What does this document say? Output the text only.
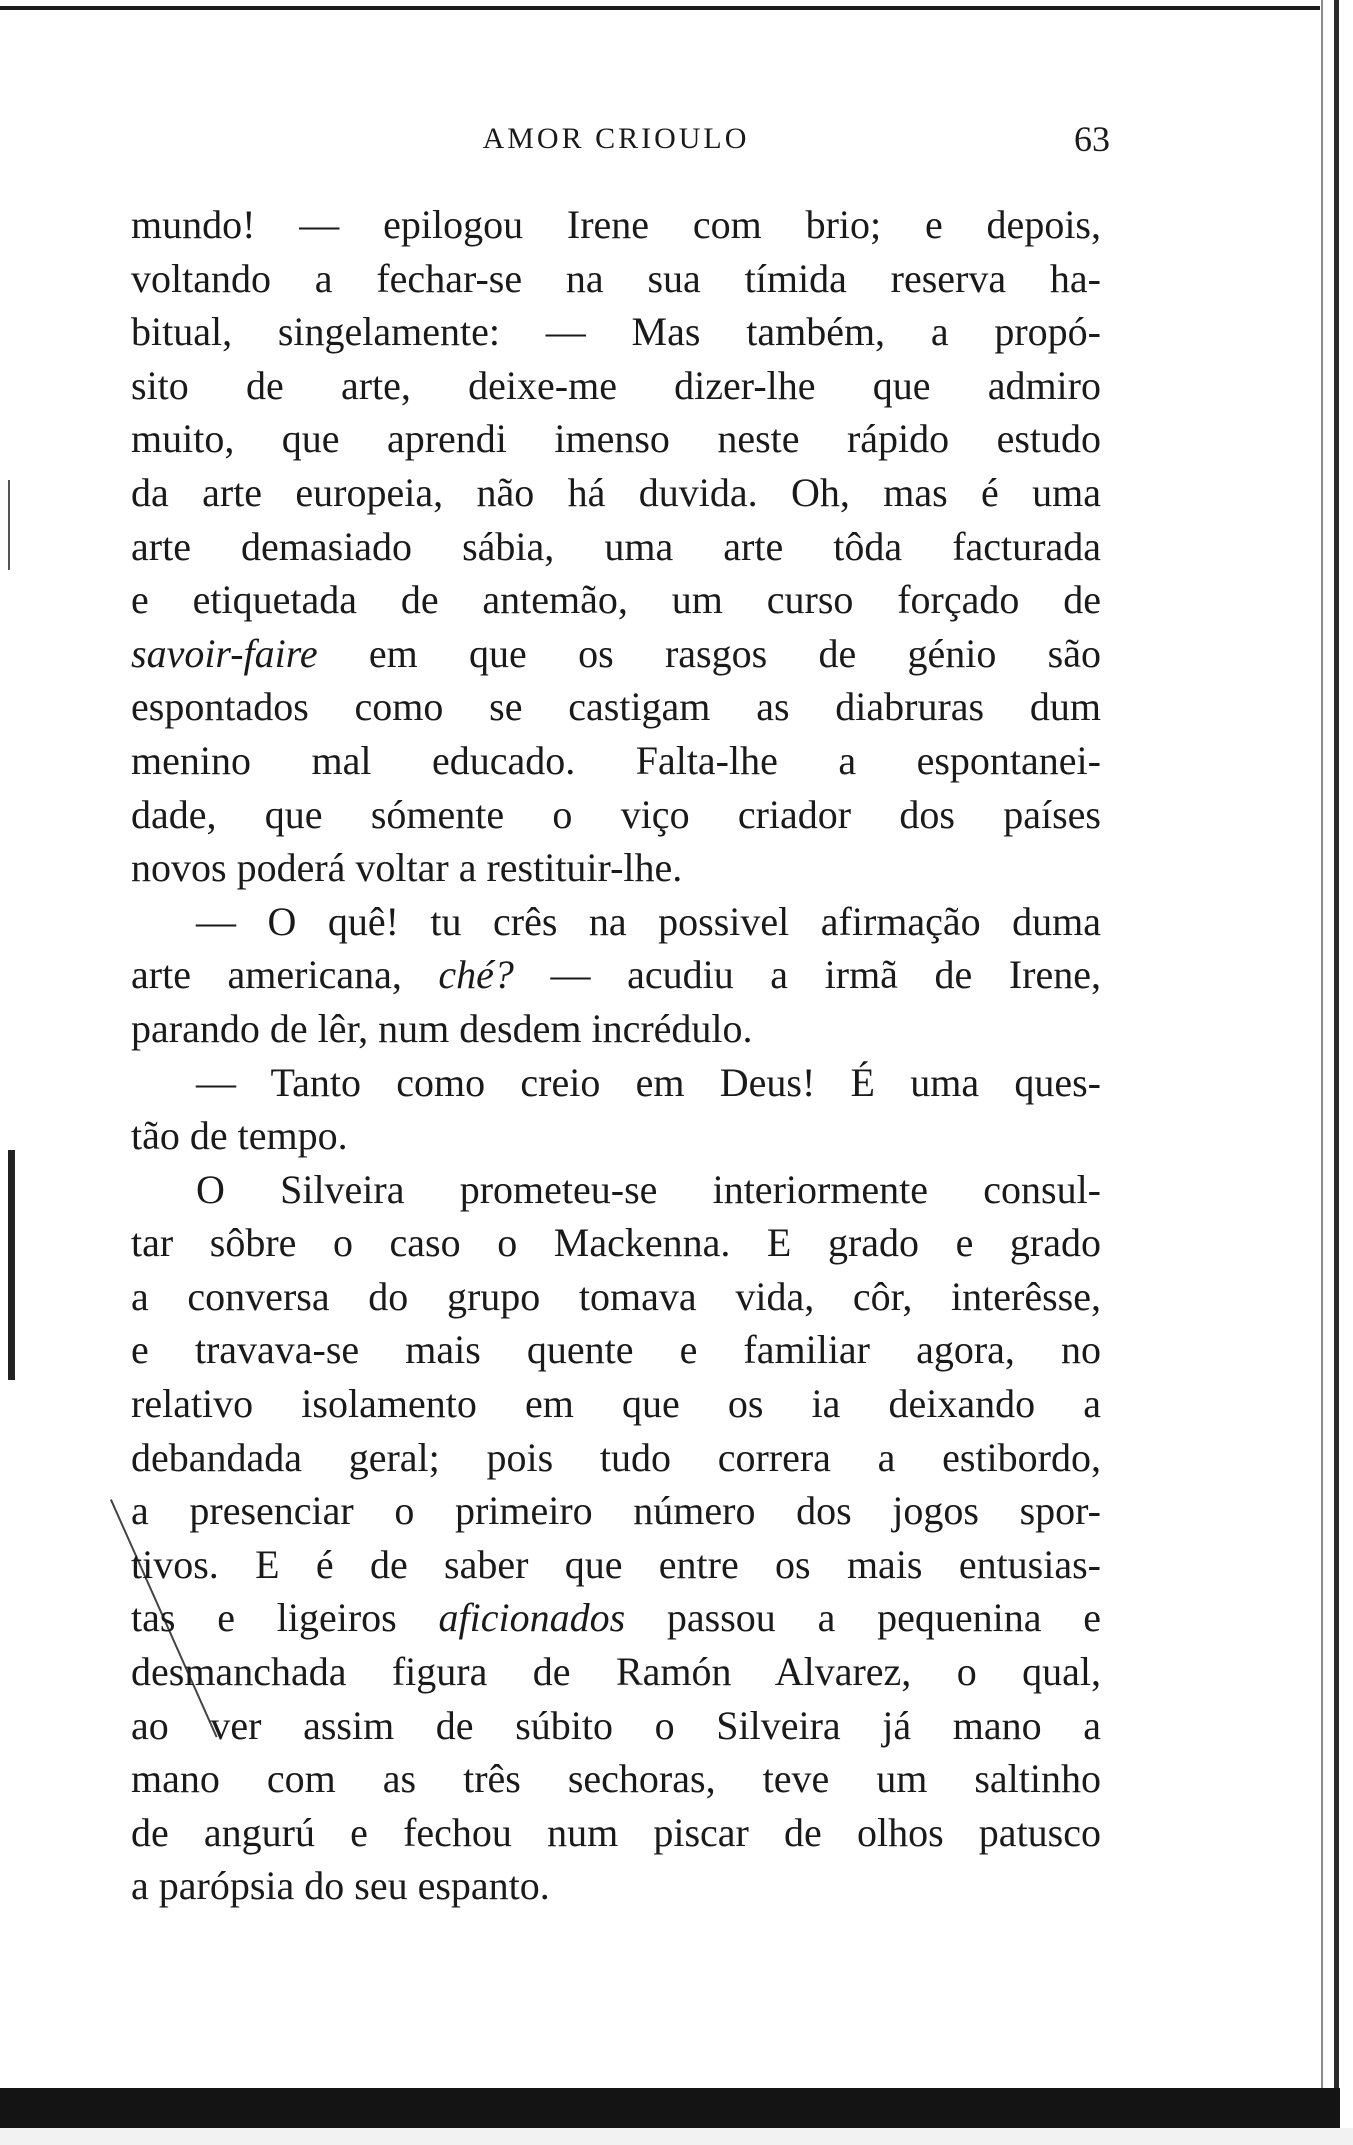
AMOR CRIOULO	63
mundo! — epilogou Irene com brio; e depois,
voltando a fechar-se na sua tímida reserva ha-
bitual, singelamente: — Mas também, a propó-
sito de arte, deixe-me dizer-lhe que admiro
muito, que aprendi imenso neste rápido estudo
da arte europeia, não há duvida. Oh, mas é uma
arte demasiado sábia, uma arte tôda facturada
e etiquetada de antemão, um curso forçado de
savoir-faire em que os rasgos de génio são
espontados como se castigam as diabruras dum
menino mal educado. Falta-lhe a espontanei-
dade, que sómente o viço criador dos países
novos poderá voltar a restituir-lhe.
— O quê! tu crês na possivel afirmação duma
arte americana, ché? — acudiu a irmã de Irene,
parando de lêr, num desdem incrédulo.
— Tanto como creio em Deus! É uma ques-
tão de tempo.
O Silveira prometeu-se interiormente consul-
tar sôbre o caso o Mackenna. E grado e grado
a conversa do grupo tomava vida, côr, interêsse,
e travava-se mais quente e familiar agora, no
relativo isolamento em que os ia deixando a
debandada geral; pois tudo correra a estibordo,
a presenciar o primeiro número dos jogos spor-
tivos. E é de saber que entre os mais entusias-
tas e ligeiros aficionados passou a pequenina e
desmanchada figura de Ramón Alvarez, o qual,
ao ver assim de súbito o Silveira já mano a
mano com as três sechoras, teve um saltinho
de angurú e fechou num piscar de olhos patusco
a parópsia do seu espanto.
